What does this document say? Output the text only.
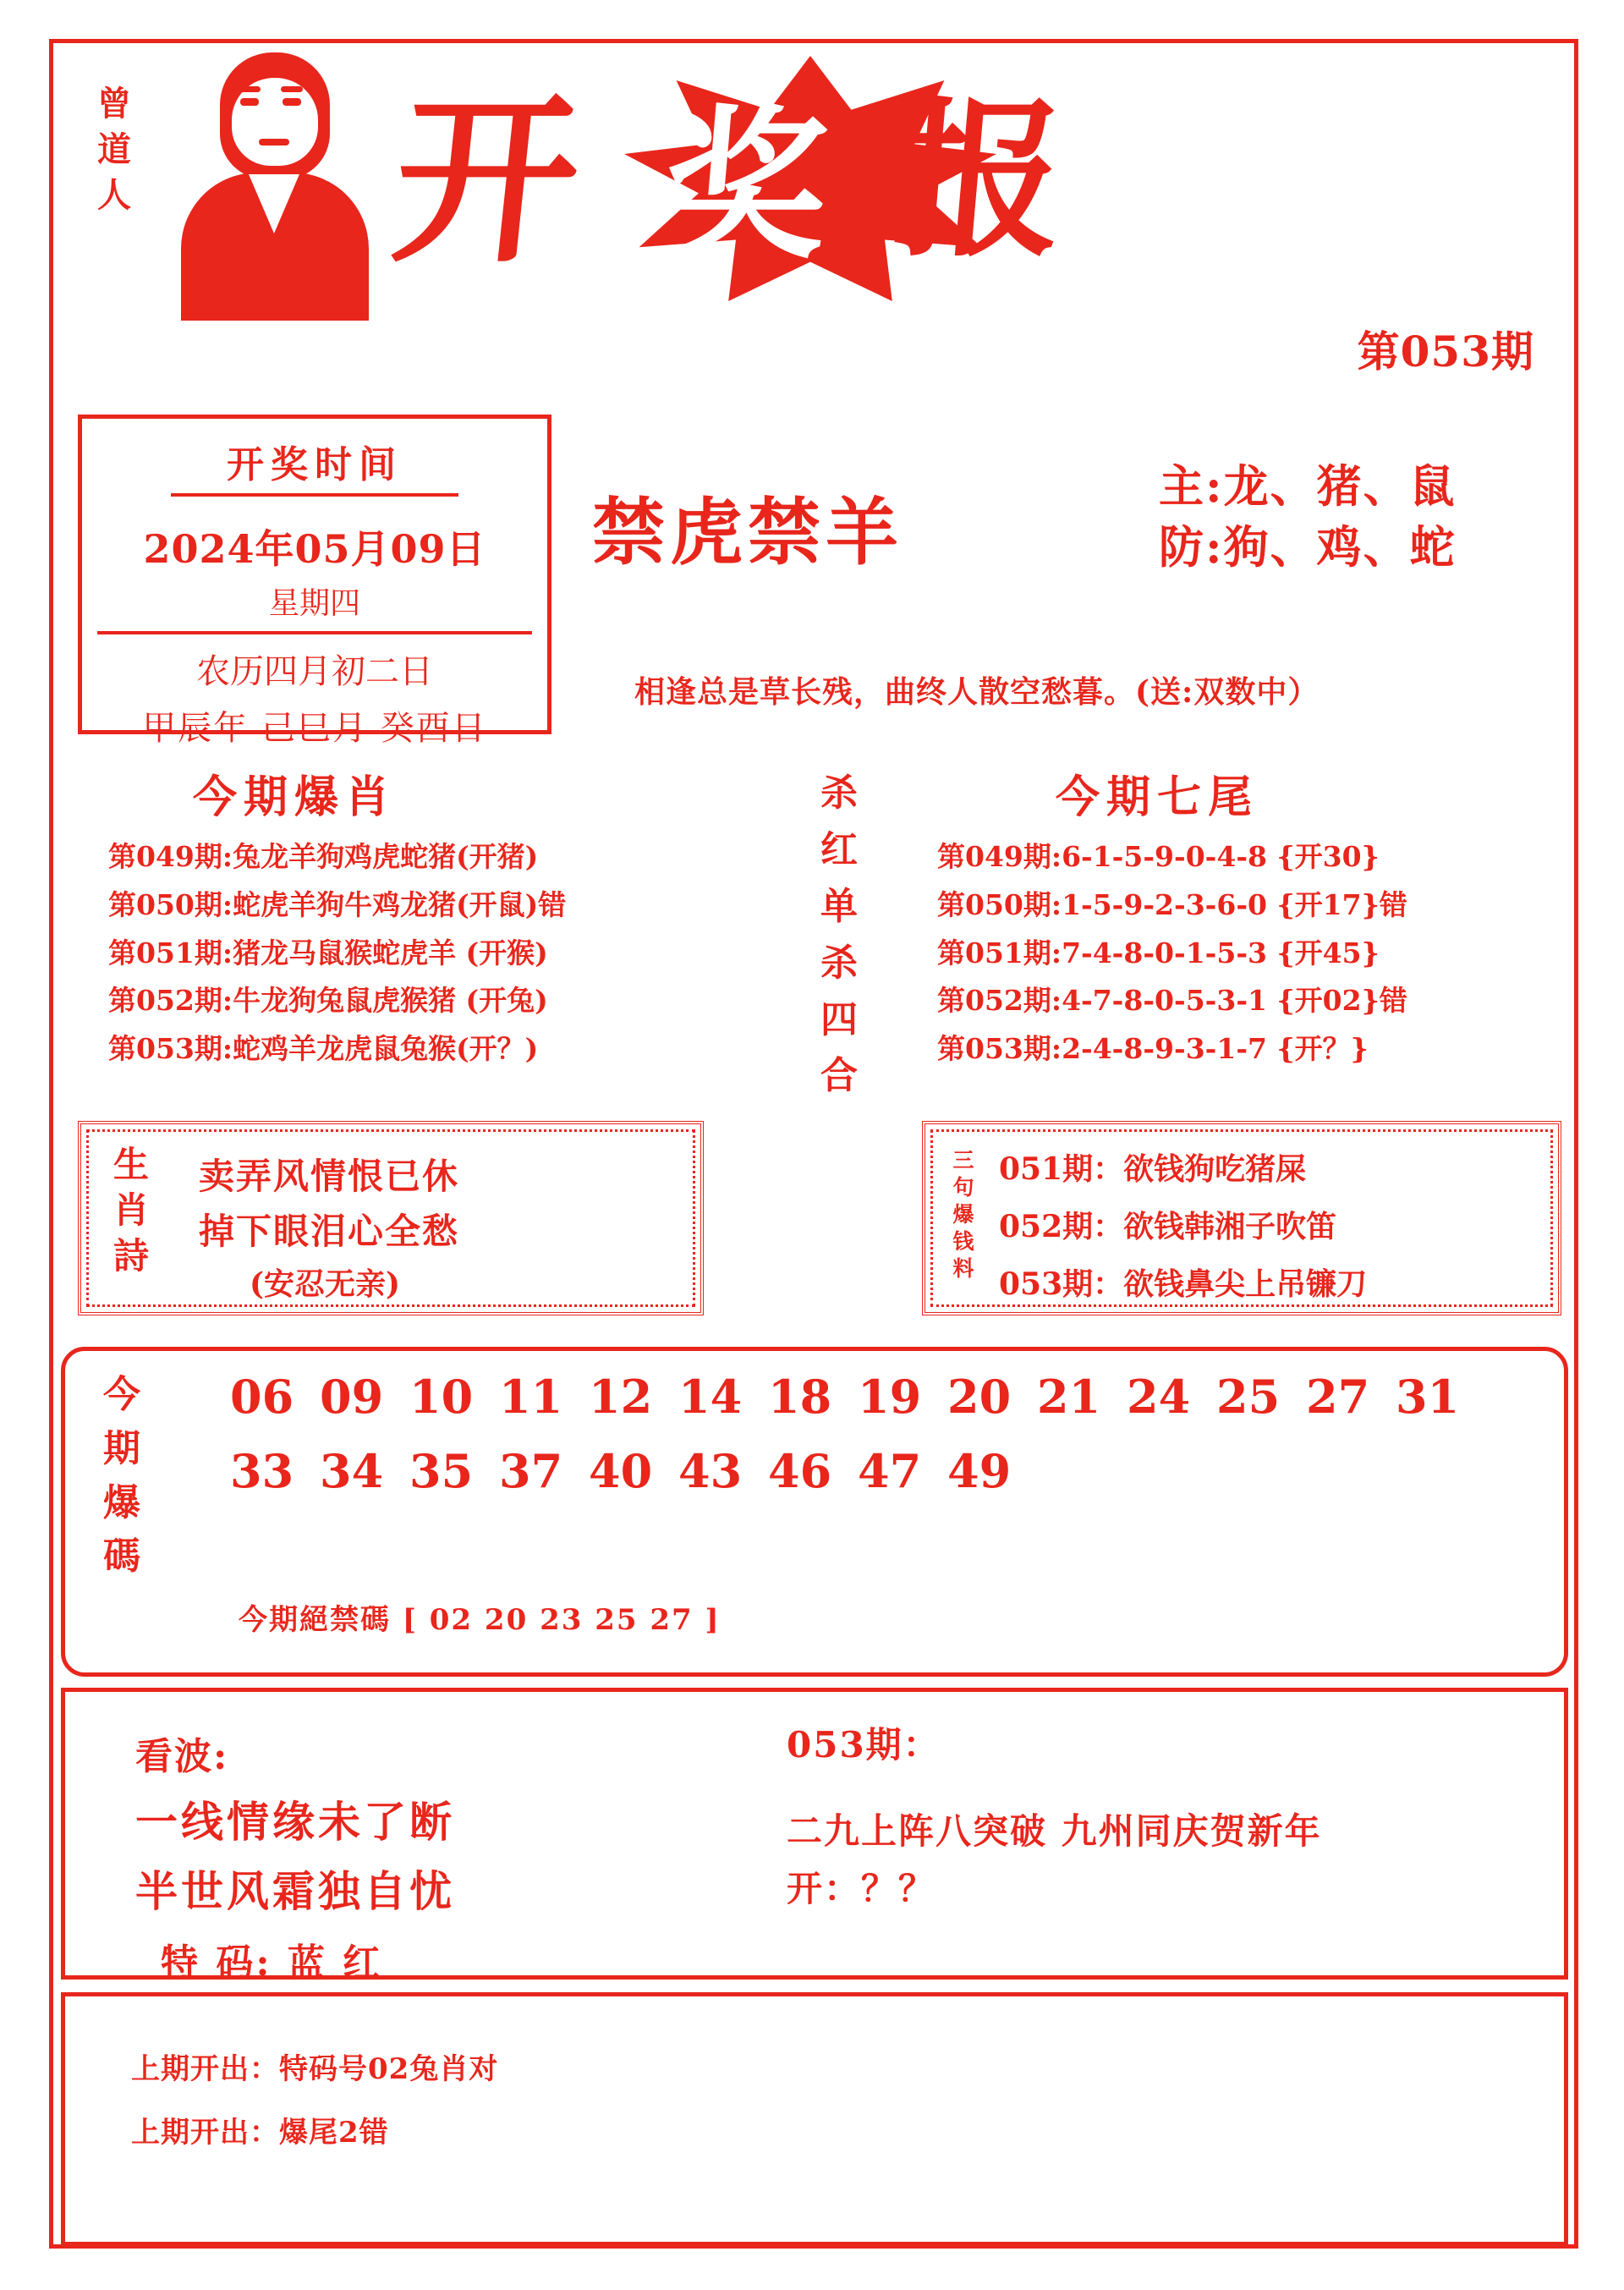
曾
道
人 开 奖 报
第053期
开奖时间
2024年05月09日
星期四
农历四月初二日
甲辰年 己巳月 癸酉日
禁虎禁羊
主:龙、猪、鼠
防:狗、鸡、蛇
相逢总是草长残，曲终人散空愁暮。(送:双数中）
今期爆肖	今期七尾
第049期:兔龙羊狗鸡虎蛇猪(开猪)
第050期:蛇虎羊狗牛鸡龙猪(开鼠)错
第051期:猪龙马鼠猴蛇虎羊 (开猴)
第052期:牛龙狗兔鼠虎猴猪 (开兔)
第053期:蛇鸡羊龙虎鼠兔猴(开？)
杀
红
单
杀
四
合
第049期:6-1-5-9-0-4-8 {开30}
第050期:1-5-9-2-3-6-0 {开17}错
第051期:7-4-8-0-1-5-3 {开45}
第052期:4-7-8-0-5-3-1 {开02}错
第053期:2-4-8-9-3-1-7 {开？}
生
肖
詩
卖弄风情恨已休
掉下眼泪心全愁
(安忍无亲)
三
句
爆
钱
料
051期：欲钱狗吃猪屎
052期：欲钱韩湘子吹笛
053期：欲钱鼻尖上吊镰刀
今
期
爆
碼
06 09 10 11 12 14 18 19 20 21 24 25 27 31
33 34 35 37 40 43 46 47 49
今期絕禁碼 [ 02 20 23 25 27 ]
看波:
一线情缘未了断
半世风霜独自忧
特 码: 蓝 红
053期：
二九上阵八突破 九州同庆贺新年
开：？？
上期开出：特码号02兔肖对
上期开出：爆尾2错
